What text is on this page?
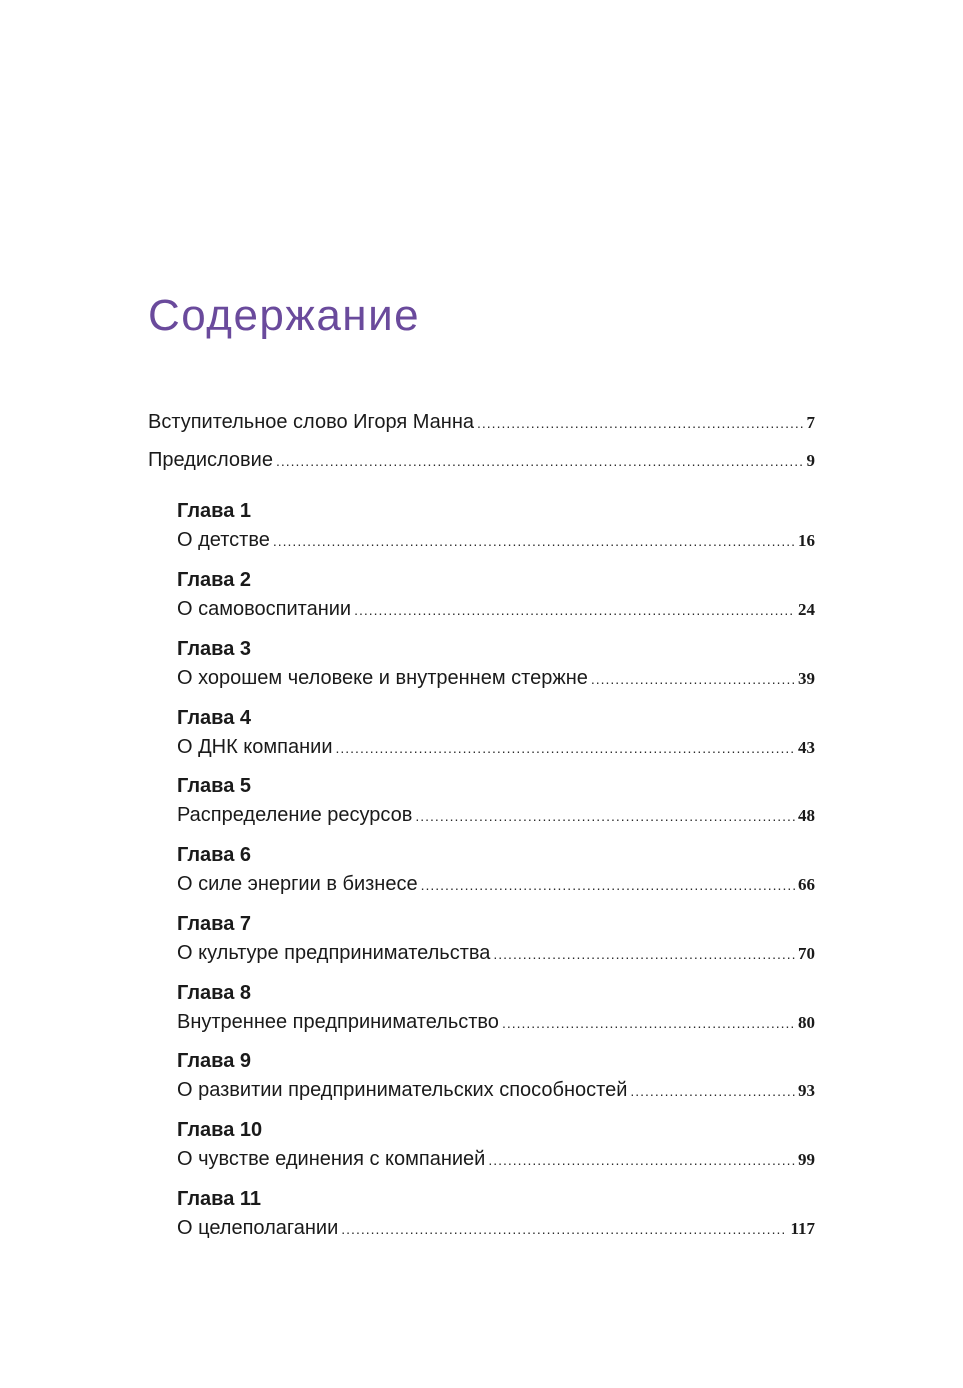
Содержание
Вступительное слово Игоря Манна .....	7
Предисловие .....	9
Глава 1
О детстве .....	16
Глава 2
О самовоспитании .....	24
Глава 3
О хорошем человеке и внутреннем стержне .....	39
Глава 4
О ДНК компании .....	43
Глава 5
Распределение ресурсов .....	48
Глава 6
О силе энергии в бизнесе .....	66
Глава 7
О культуре предпринимательства .....	70
Глава 8
Внутреннее предпринимательство .....	80
Глава 9
О развитии предпринимательских способностей .....	93
Глава 10
О чувстве единения с компанией .....	99
Глава 11
О целеполагании .....	117
